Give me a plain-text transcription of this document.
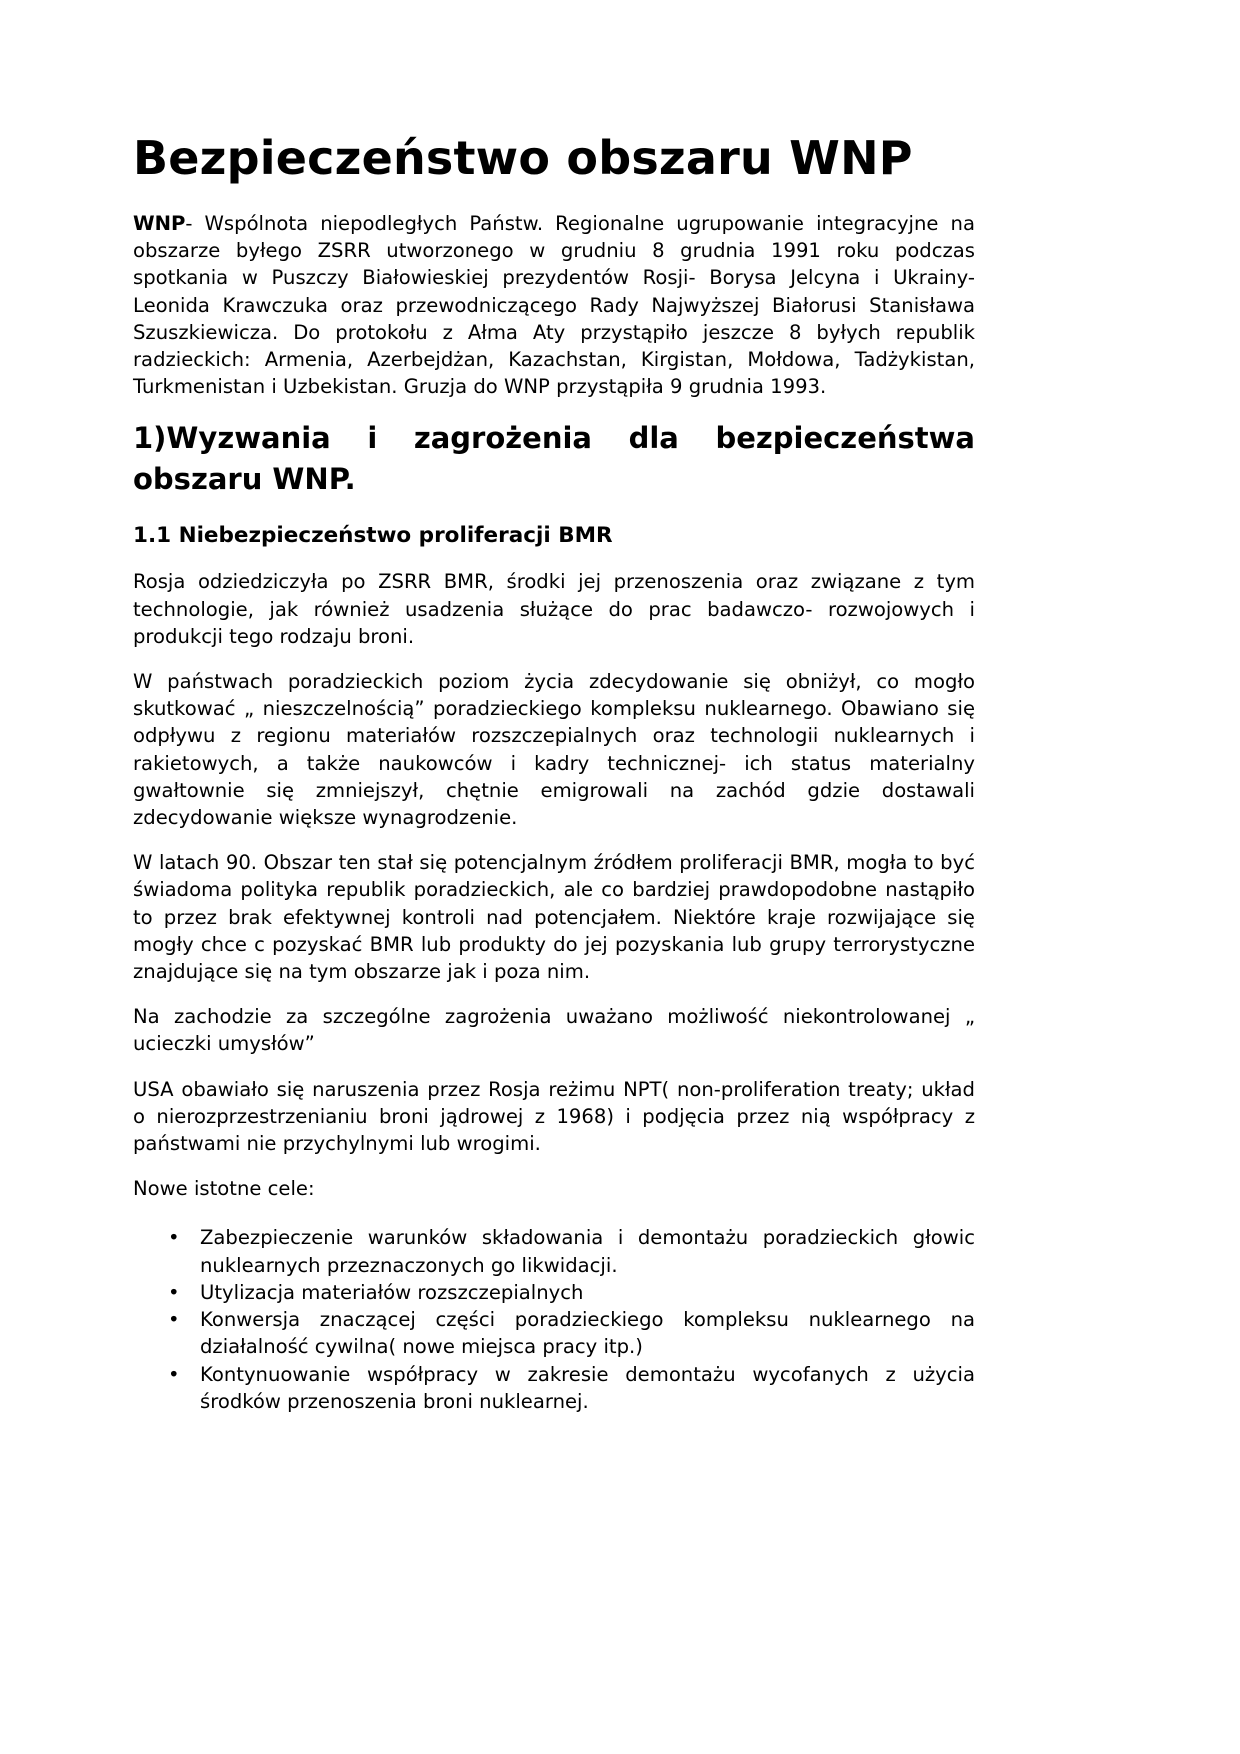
Bezpieczeństwo obszaru WNP

WNP- Wspólnota niepodległych Państw. Regionalne ugrupowanie integracyjne na obszarze byłego ZSRR utworzonego w grudniu 8 grudnia 1991 roku podczas spotkania w Puszczy Białowieskiej prezydentów Rosji- Borysa Jelcyna i Ukrainy- Leonida Krawczuka oraz przewodniczącego Rady Najwyższej Białorusi Stanisława Szuszkiewicza. Do protokołu z Ałma Aty przystąpiło jeszcze 8 byłych republik radzieckich: Armenia, Azerbejdżan, Kazachstan, Kirgistan, Mołdowa, Tadżykistan, Turkmenistan i Uzbekistan. Gruzja do WNP przystąpiła 9 grudnia 1993.

1)Wyzwania i zagrożenia dla bezpieczeństwa obszaru WNP.
1.1 Niebezpieczeństwo proliferacji BMR

Rosja odziedziczyła po ZSRR BMR, środki jej przenoszenia oraz związane z tym technologie, jak również usadzenia służące do prac badawczo- rozwojowych i produkcji tego rodzaju broni.

W państwach poradzieckich poziom życia zdecydowanie się obniżył, co mogło skutkować „ nieszczelnością” poradzieckiego kompleksu nuklearnego. Obawiano się odpływu z regionu materiałów rozszczepialnych oraz technologii nuklearnych i rakietowych, a także naukowców i kadry technicznej- ich status materialny gwałtownie się zmniejszył, chętnie emigrowali na zachód gdzie dostawali zdecydowanie większe wynagrodzenie.

W latach 90. Obszar ten stał się potencjalnym źródłem proliferacji BMR, mogła to być świadoma polityka republik poradzieckich, ale co bardziej prawdopodobne nastąpiło to przez brak efektywnej kontroli nad potencjałem. Niektóre kraje rozwijające się mogły chce c pozyskać BMR lub produkty do jej pozyskania lub grupy terrorystyczne znajdujące się na tym obszarze jak i poza nim.

Na zachodzie za szczególne zagrożenia uważano możliwość niekontrolowanej „ ucieczki umysłów”

USA obawiało się naruszenia przez Rosja reżimu NPT( non-proliferation treaty; układ o nierozprzestrzenianiu broni jądrowej z 1968) i podjęcia przez nią współpracy z państwami nie przychylnymi lub wrogimi.

Nowe istotne cele:

• Zabezpieczenie warunków składowania i demontażu poradzieckich głowic nuklearnych przeznaczonych go likwidacji.
• Utylizacja materiałów rozszczepialnych
• Konwersja znaczącej części poradzieckiego kompleksu nuklearnego na działalność cywilna( nowe miejsca pracy itp.)
• Kontynuowanie współpracy w zakresie demontażu wycofanych z użycia środków przenoszenia broni nuklearnej.
